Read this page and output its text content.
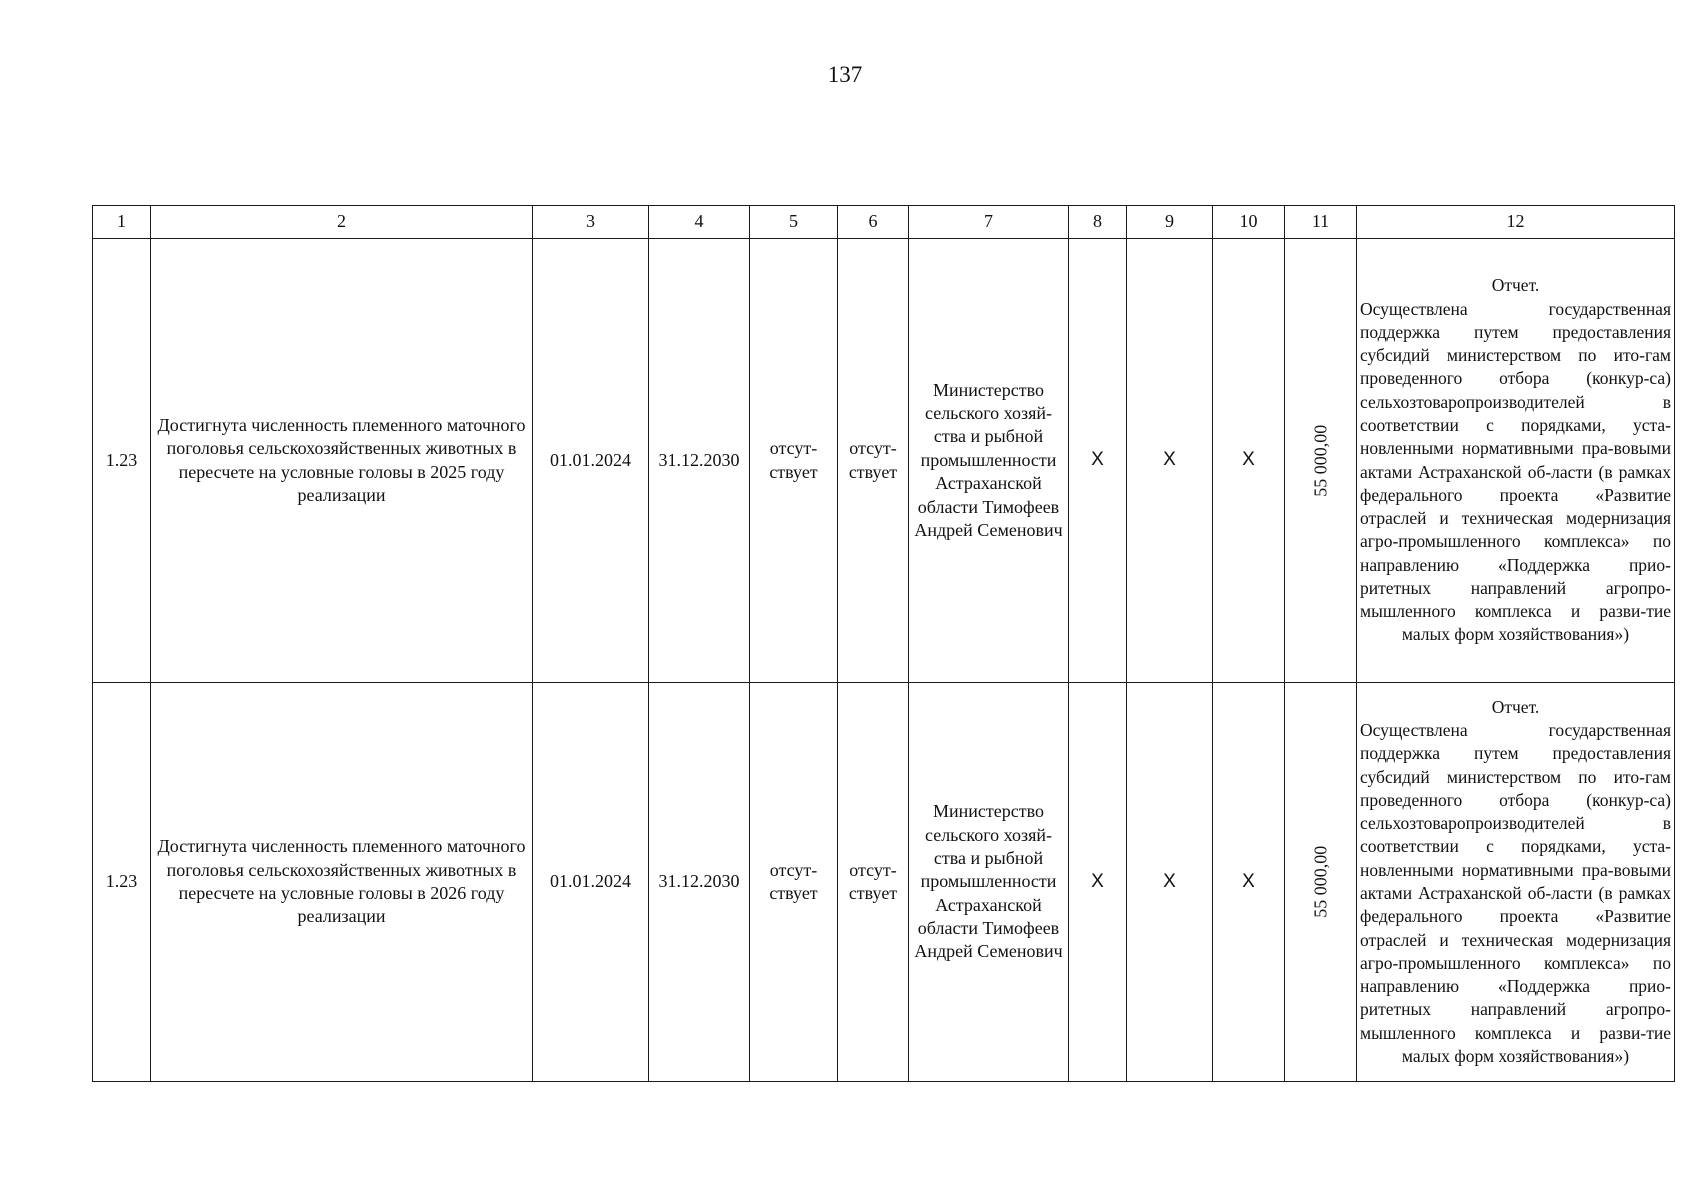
137
1	2	3	4	5	6	7	8	9	10	11	12
1.23	Достигнута численность племенного маточного поголовья сельскохозяйственных животных в пересчете на условные головы в 2025 году реализации	01.01.2024	31.12.2030	отсут-ствует	отсут-ствует	Министерство сельского хозяй-ства и рыбной промышленности Астраханской области Тимофеев Андрей Семенович	X	X	X	55 000,00	Отчет.
Осуществлена государственная поддержка путем предоставления субсидий министерством по ито-гам проведенного отбора (конкур-са) сельхозтоваропроизводителей в соответствии с порядками, уста-новленными нормативными пра-вовыми актами Астраханской об-ласти (в рамках федерального проекта «Развитие отраслей и техническая модернизация агро-промышленного комплекса» по направлению «Поддержка прио-ритетных направлений агропро-мышленного комплекса и разви-тие малых форм хозяйствования»)

1.23	Достигнута численность племенного маточного поголовья сельскохозяйственных животных в пересчете на условные головы в 2026 году реализации	01.01.2024	31.12.2030	отсут-ствует	отсут-ствует	Министерство сельского хозяй-ства и рыбной промышленности Астраханской области Тимофеев Андрей Семенович	X	X	X	55 000,00	Отчет.
Осуществлена государственная поддержка путем предоставления субсидий министерством по ито-гам проведенного отбора (конкур-са) сельхозтоваропроизводителей в соответствии с порядками, уста-новленными нормативными пра-вовыми актами Астраханской об-ласти (в рамках федерального проекта «Развитие отраслей и техническая модернизация агро-промышленного комплекса» по направлению «Поддержка прио-ритетных направлений агропро-мышленного комплекса и разви-тие малых форм хозяйствования»)
